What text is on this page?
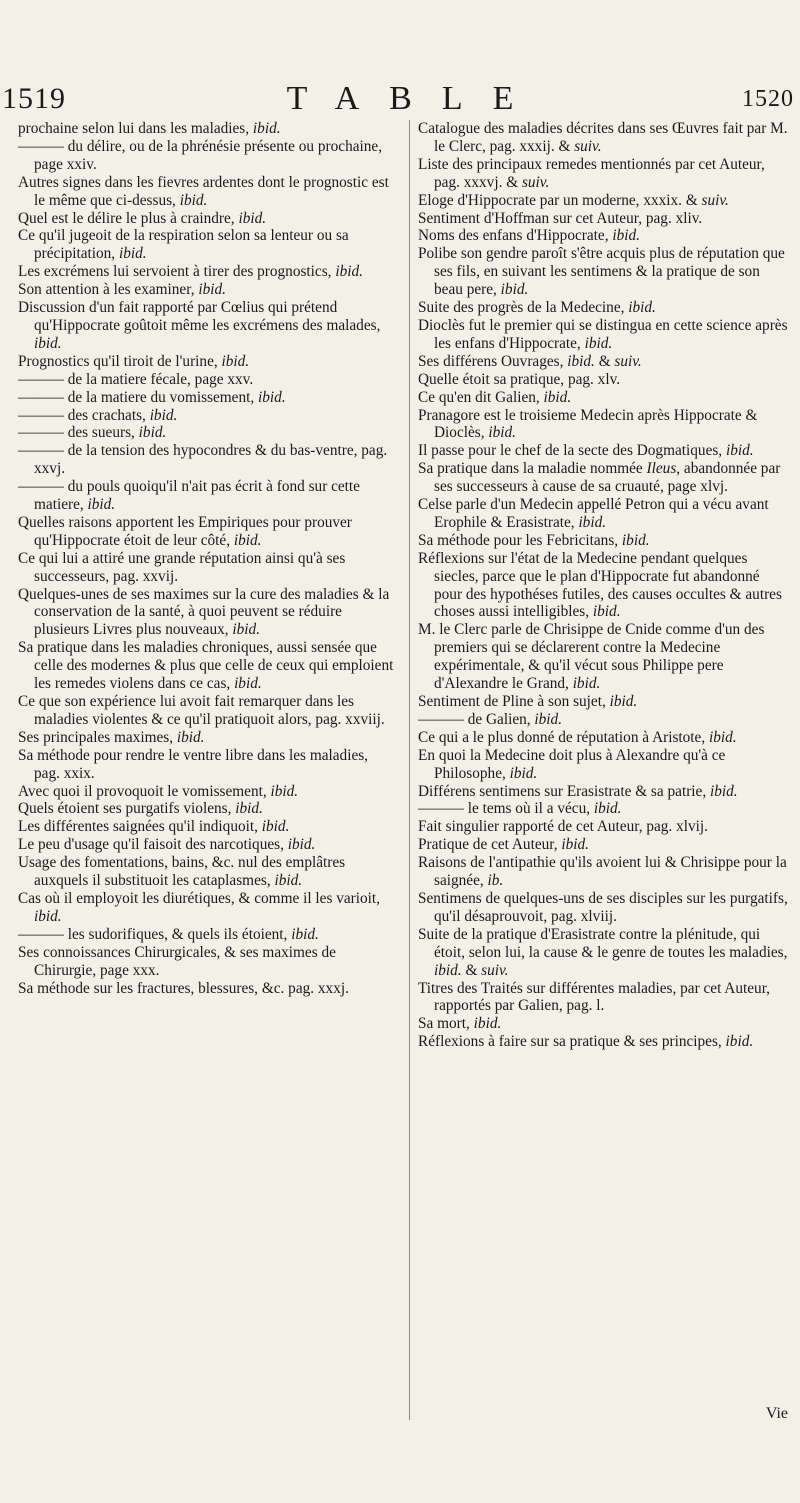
1519	TABLE	1520

prochaine selon lui dans les maladies, ibid.

——— du délire, ou de la phrénésie présente ou prochaine, page xxiv.

Autres signes dans les fievres ardentes dont le prognostic est le même que ci-dessus, ibid.

Quel est le délire le plus à craindre, ibid.

Ce qu'il jugeoit de la respiration selon sa lenteur ou sa précipitation, ibid.

Les excrémens lui servoient à tirer des prognostics, ibid.

Son attention à les examiner, ibid.

Discussion d'un fait rapporté par Cœlius qui prétend qu'Hippocrate goûtoit même les excrémens des malades, ibid.

Prognostics qu'il tiroit de l'urine, ibid.

——— de la matiere fécale, page xxv.

——— de la matiere du vomissement, ibid.

——— des crachats, ibid.

——— des sueurs, ibid.

——— de la tension des hypocondres & du bas-ventre, pag. xxvj.

——— du pouls quoiqu'il n'ait pas écrit à fond sur cette matiere, ibid.

Quelles raisons apportent les Empiriques pour prouver qu'Hippocrate étoit de leur côté, ibid.

Ce qui lui a attiré une grande réputation ainsi qu'à ses successeurs, pag. xxvij.

Quelques-unes de ses maximes sur la cure des maladies & la conservation de la santé, à quoi peuvent se réduire plusieurs Livres plus nouveaux, ibid.

Sa pratique dans les maladies chroniques, aussi sensée que celle des modernes & plus que celle de ceux qui emploient les remedes violens dans ce cas, ibid.

Ce que son expérience lui avoit fait remarquer dans les maladies violentes & ce qu'il pratiquoit alors, pag. xxviij.

Ses principales maximes, ibid.

Sa méthode pour rendre le ventre libre dans les maladies, pag. xxix.

Avec quoi il provoquoit le vomissement, ibid.

Quels étoient ses purgatifs violens, ibid.

Les différentes saignées qu'il indiquoit, ibid.

Le peu d'usage qu'il faisoit des narcotiques, ibid.

Usage des fomentations, bains, &c. nul des emplâtres auxquels il substituoit les cataplasmes, ibid.

Cas où il employoit les diurétiques, & comme il les varioit, ibid.

——— les sudorifiques, & quels ils étoient, ibid.

Ses connoissances Chirurgicales, & ses maximes de Chirurgie, page xxx.

Sa méthode sur les fractures, blessures, &c. pag. xxxj.

Catalogue des maladies décrites dans ses Œuvres fait par M. le Clerc, pag. xxxij. & suiv.

Liste des principaux remedes mentionnés par cet Auteur, pag. xxxvj. & suiv.

Eloge d'Hippocrate par un moderne, xxxix. & suiv.

Sentiment d'Hoffman sur cet Auteur, pag. xliv.

Noms des enfans d'Hippocrate, ibid.

Polibe son gendre paroît s'être acquis plus de réputation que ses fils, en suivant les sentimens & la pratique de son beau pere, ibid.

Suite des progrès de la Medecine, ibid.

Dioclès fut le premier qui se distingua en cette science après les enfans d'Hippocrate, ibid.

Ses différens Ouvrages, ibid. & suiv.

Quelle étoit sa pratique, pag. xlv.

Ce qu'en dit Galien, ibid.

Pranagore est le troisieme Medecin après Hippocrate & Dioclès, ibid.

Il passe pour le chef de la secte des Dogmatiques, ibid.

Sa pratique dans la maladie nommée Ileus, abandonnée par ses successeurs à cause de sa cruauté, page xlvj.

Celse parle d'un Medecin appellé Petron qui a vécu avant Erophile & Erasistrate, ibid.

Sa méthode pour les Febricitans, ibid.

Réflexions sur l'état de la Medecine pendant quelques siecles, parce que le plan d'Hippocrate fut abandonné pour des hypothéses futiles, des causes occultes & autres choses aussi intelligibles, ibid.

M. le Clerc parle de Chrisippe de Cnide comme d'un des premiers qui se déclarerent contre la Medecine expérimentale, & qu'il vécut sous Philippe pere d'Alexandre le Grand, ibid.

Sentiment de Pline à son sujet, ibid.

——— de Galien, ibid.

Ce qui a le plus donné de réputation à Aristote, ibid.

En quoi la Medecine doit plus à Alexandre qu'à ce Philosophe, ibid.

Différens sentimens sur Erasistrate & sa patrie, ibid.

——— le tems où il a vécu, ibid.

Fait singulier rapporté de cet Auteur, pag. xlvij.

Pratique de cet Auteur, ibid.

Raisons de l'antipathie qu'ils avoient lui & Chrisippe pour la saignée, ib.

Sentimens de quelques-uns de ses disciples sur les purgatifs, qu'il désaprouvoit, pag. xlviij.

Suite de la pratique d'Erasistrate contre la plénitude, qui étoit, selon lui, la cause & le genre de toutes les maladies, ibid. & suiv.

Titres des Traités sur différentes maladies, par cet Auteur, rapportés par Galien, pag. l.

Sa mort, ibid.

Réflexions à faire sur sa pratique & ses principes, ibid.

Vie
